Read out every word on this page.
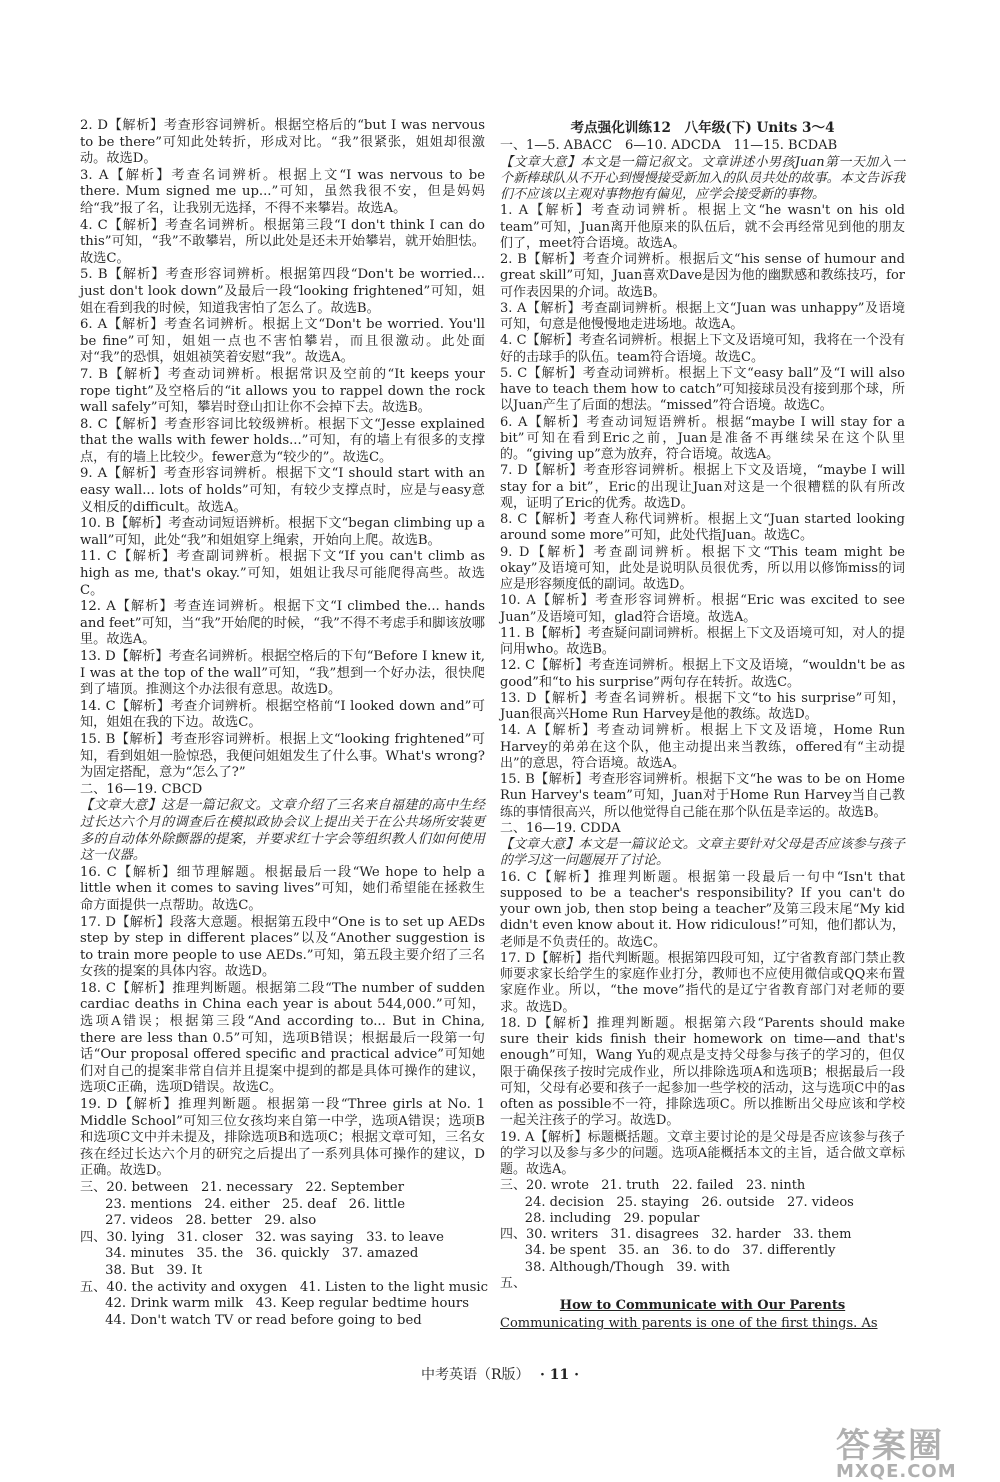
2. D【解析】考查形容词辨析。根据空格后的“but I was nervous to be there”可知此处转折，形成对比。“我”很紧张，姐姐却很激动。故选D。

3. A【解析】考查名词辨析。根据上文“I was nervous to be there. Mum signed me up...”可知，虽然我很不安，但是妈妈给“我”报了名，让我别无选择，不得不来攀岩。故选A。

4. C【解析】考查名词辨析。根据第三段“I don't think I can do this”可知，“我”不敢攀岩，所以此处是还未开始攀岩，就开始胆怯。故选C。

5. B【解析】考查形容词辨析。根据第四段“Don't be worried... just don't look down”及最后一段“looking frightened”可知，姐姐在看到我的时候，知道我害怕了怎么了。故选B。

6. A【解析】考查名词辨析。根据上文“Don't be worried. You'll be fine”可知，姐姐一点也不害怕攀岩，而且很激动。此处面对“我”的恐惧，姐姐祯笑着安慰“我”。故选A。

7. B【解析】考查动词辨析。根据常识及空前的“It keeps your rope tight”及空格后的“it allows you to rappel down the rock wall safely”可知，攀岩时登山扣让你不会掉下去。故选B。

8. C【解析】考查形容词比较级辨析。根据下文“Jesse explained that the walls with fewer holds...”可知，有的墙上有很多的支撑点，有的墙上比较少。fewer意为“较少的”。故选C。

9. A【解析】考查形容词辨析。根据下文“I should start with an easy wall... lots of holds”可知，有较少支撑点时，应是与easy意义相反的difficult。故选A。

10. B【解析】考查动词短语辨析。根据下文“began climbing up a wall”可知，此处“我”和姐姐穿上绳索，开始向上爬。故选B。

11. C【解析】考查副词辨析。根据下文“If you can't climb as high as me, that's okay.”可知，姐姐让我尽可能爬得高些。故选C。

12. A【解析】考查连词辨析。根据下文“I climbed the... hands and feet”可知，当“我”开始爬的时候，“我”不得不考虑手和脚该放哪里。故选A。

13. D【解析】考查名词辨析。根据空格后的下句“Before I knew it, I was at the top of the wall”可知，“我”想到一个好办法，很快爬到了墙顶。推测这个办法很有意思。故选D。

14. C【解析】考查介词辨析。根据空格前“I looked down and”可知，姐姐在我的下边。故选C。

15. B【解析】考查形容词辨析。根据上文“looking frightened”可知，看到姐姐一脸惊恐，我便问姐姐发生了什么事。What's wrong? 为固定搭配，意为“怎么了?”

二、16—19. CBCD

【文章大意】这是一篇记叙文。文章介绍了三名来自福建的高中生经过长达六个月的调查后在模拟政协会议上提出关于在公共场所安装更多的自动体外除颤器的提案，并要求红十字会等组织教人们如何使用这一仪器。

16. C【解析】细节理解题。根据最后一段“We hope to help a little when it comes to saving lives”可知，她们希望能在拯救生命方面提供一点帮助。故选C。

17. D【解析】段落大意题。根据第五段中“One is to set up AEDs step by step in different places”以及“Another suggestion is to train more people to use AEDs.”可知，第五段主要介绍了三名女孩的提案的具体内容。故选D。

18. C【解析】推理判断题。根据第二段“The number of sudden cardiac deaths in China each year is about 544,000.”可知，选项A错误；根据第三段“And according to... But in China, there are less than 0.5”可知，选项B错误；根据最后一段第一句话“Our proposal offered specific and practical advice”可知她们对自己的提案非常自信并且提案中提到的都是具体可操作的建议，选项C正确，选项D错误。故选C。

19. D【解析】推理判断题。根据第一段“Three girls at No. 1 Middle School”可知三位女孩均来自第一中学，选项A错误；选项B和选项C文中并未提及，排除选项B和选项C；根据文章可知，三名女孩在经过长达六个月的研究之后提出了一系列具体可操作的建议，D正确。故选D。

三、20. between   21. necessary   22. September

23. mentions   24. either   25. deaf   26. little

27. videos   28. better   29. also

四、30. lying   31. closer   32. was saying   33. to leave

34. minutes   35. the   36. quickly   37. amazed

38. But   39. It

五、40. the activity and oxygen   41. Listen to the light music

42. Drink warm milk   43. Keep regular bedtime hours

44. Don't watch TV or read before going to bed

考点强化训练12　八年级(下) Units 3～4

一、1—5. ABACC　6—10. ADCDA　11—15. BCDAB

【文章大意】本文是一篇记叙文。文章讲述小男孩Juan第一天加入一个新棒球队从不开心到慢慢接受新加入的队员共处的故事。本文告诉我们不应该以主观对事物抱有偏见，应学会接受新的事物。

1. A【解析】考查动词辨析。根据上文“he wasn't on his old team”可知，Juan离开他原来的队伍后，就不会再经常见到他的朋友们了，meet符合语境。故选A。

2. B【解析】考查介词辨析。根据后文“his sense of humour and great skill”可知，Juan喜欢Dave是因为他的幽默感和教练技巧，for可作表因果的介词。故选B。

3. A【解析】考查副词辨析。根据上文“Juan was unhappy”及语境可知，句意是他慢慢地走进场地。故选A。

4. C【解析】考查名词辨析。根据上下文及语境可知，我将在一个没有好的击球手的队伍。team符合语境。故选C。

5. C【解析】考查动词辨析。根据上下文“easy ball”及“I will also have to teach them how to catch”可知接球员没有接到那个球，所以Juan产生了后面的想法。“missed”符合语境。故选C。

6. A【解析】考查动词短语辨析。根据“maybe I will stay for a bit”可知在看到Eric之前，Juan是准备不再继续呆在这个队里的。“giving up”意为放弃，符合语境。故选A。

7. D【解析】考查形容词辨析。根据上下文及语境，“maybe I will stay for a bit”，Eric的出现让Juan对这是一个很糟糕的队有所改观，证明了Eric的优秀。故选D。

8. C【解析】考查人称代词辨析。根据上文“Juan started looking around some more”可知，此处代指Juan。故选C。

9. D【解析】考查副词辨析。根据下文“This team might be okay”及语境可知，此处是说明队员很优秀，所以用以修饰miss的词应是形容频度低的副词。故选D。

10. A【解析】考查形容词辨析。根据“Eric was excited to see Juan”及语境可知，glad符合语境。故选A。

11. B【解析】考查疑问副词辨析。根据上下文及语境可知，对人的提问用who。故选B。

12. C【解析】考查连词辨析。根据上下文及语境，“wouldn't be as good”和“to his surprise”两句存在转折。故选C。

13. D【解析】考查名词辨析。根据下文“to his surprise”可知，Juan很高兴Home Run Harvey是他的教练。故选D。

14. A【解析】考查动词辨析。根据上下文及语境，Home Run Harvey的弟弟在这个队，他主动提出来当教练，offered有“主动提出”的意思，符合语境。故选A。

15. B【解析】考查形容词辨析。根据下文“he was to be on Home Run Harvey's team”可知，Juan对于Home Run Harvey当自己教练的事情很高兴，所以他觉得自己能在那个队伍是幸运的。故选B。

二、16—19. CDDA

【文章大意】本文是一篇议论文。文章主要针对父母是否应该参与孩子的学习这一问题展开了讨论。

16. C【解析】推理判断题。根据第一段最后一句中“Isn't that supposed to be a teacher's responsibility? If you can't do your own job, then stop being a teacher”及第三段末尾“My kid didn't even know about it. How ridiculous!”可知，他们都认为，老师是不负责任的。故选C。

17. D【解析】指代判断题。根据第四段可知，辽宁省教育部门禁止教师要求家长给学生的家庭作业打分，教师也不应使用微信或QQ来布置家庭作业。所以，“the move”指代的是辽宁省教育部门对老师的要求。故选D。

18. D【解析】推理判断题。根据第六段“Parents should make sure their kids finish their homework on time—and that's enough”可知，Wang Yu的观点是支持父母参与孩子的学习的，但仅限于确保孩子按时完成作业，所以排除选项A和选项B；根据最后一段可知，父母有必要和孩子一起参加一些学校的活动，这与选项C中的as often as possible不一符，排除选项C。所以推断出父母应该和学校一起关注孩子的学习。故选D。

19. A【解析】标题概括题。文章主要讨论的是父母是否应该参与孩子的学习以及参与多少的问题。选项A能概括本文的主旨，适合做文章标题。故选A。

三、20. wrote   21. truth   22. failed   23. ninth

24. decision   25. staying   26. outside   27. videos

28. including   29. popular

四、30. writers   31. disagrees   32. harder   33. them

34. be spent   35. an   36. to do   37. differently

38. Although/Though   39. with

五、

How to Communicate with Our Parents

Communicating with parents is one of the first things. As

中考英语（R版） · 11 ·
答案圈
MXQE.COM
